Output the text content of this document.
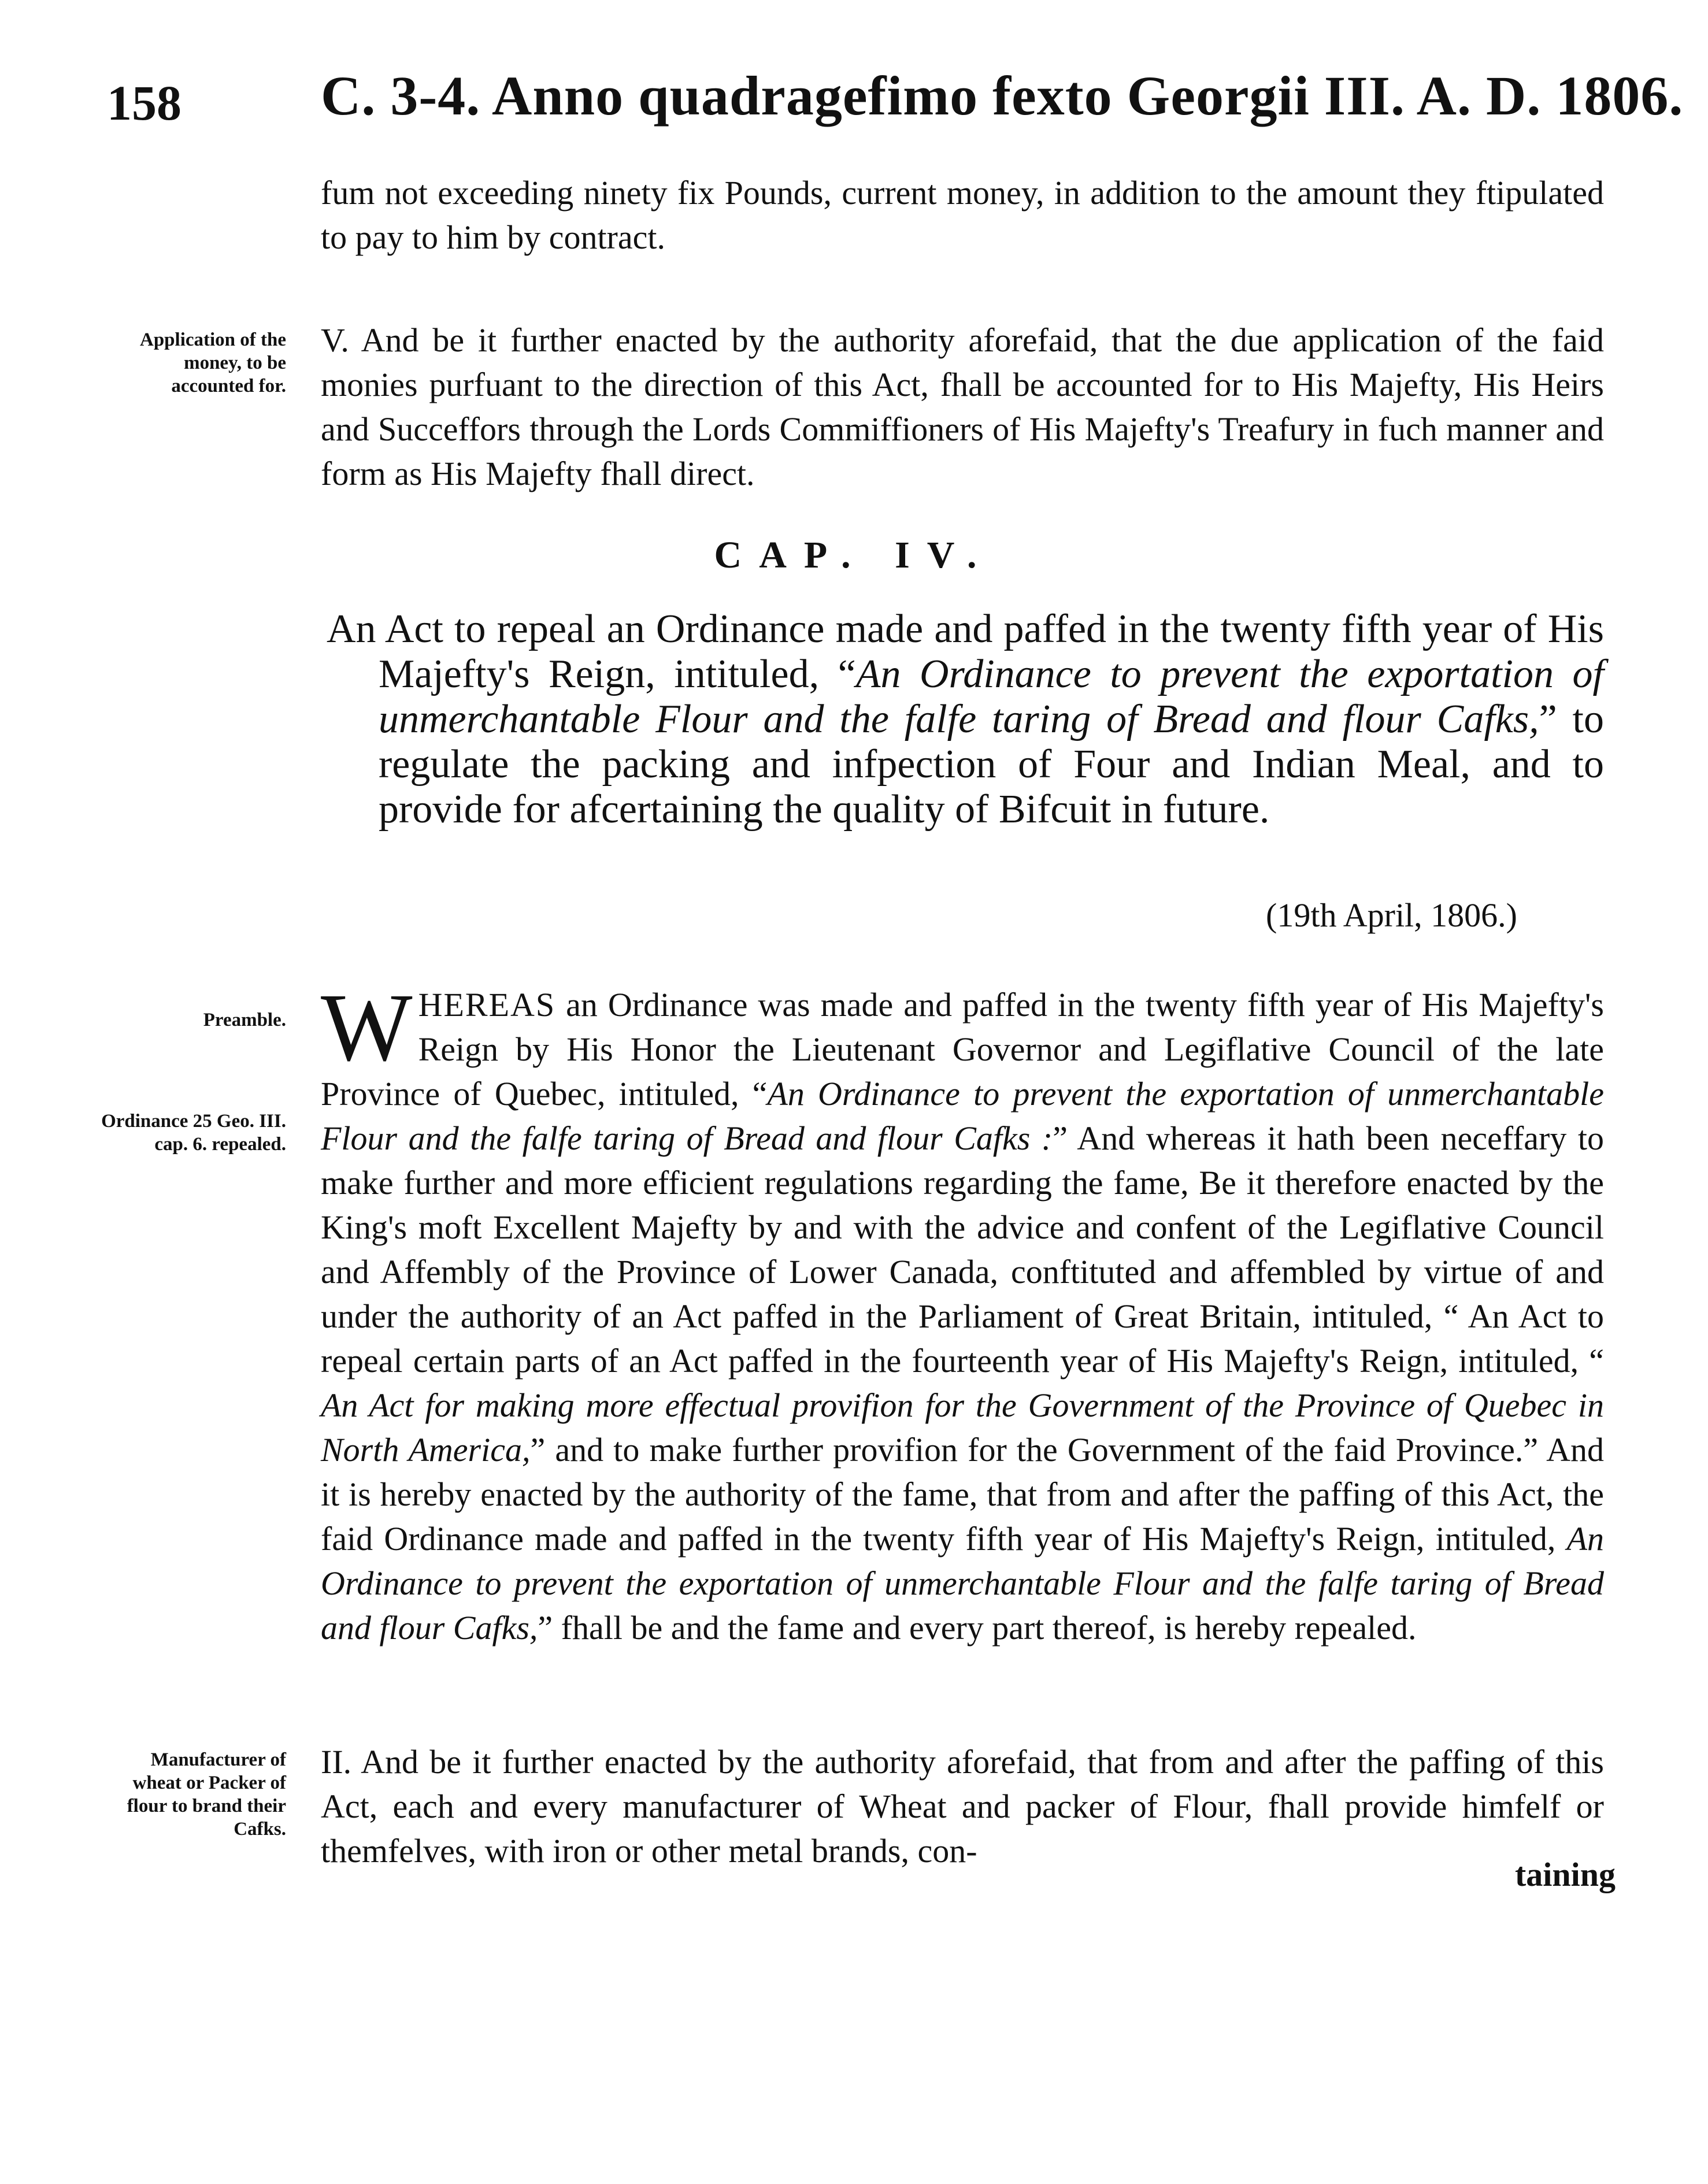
158	C. 3-4. Anno quadragefimo fexto Georgii III. A. D. 1806.

fum not exceeding ninety fix Pounds, current money, in addition to the amount they ftipulated to pay to him by contract.

Application of the money, to be accounted for.

V. And be it further enacted by the authority aforefaid, that the due application of the faid monies purfuant to the direction of this Act, fhall be accounted for to His Majefty, His Heirs and Succeffors through the Lords Commiffioners of His Majefty's Treafury in fuch manner and form as His Majefty fhall direct.

CAP. IV.
An Act to repeal an Ordinance made and paffed in the twenty fifth year of His Majefty's Reign, intituled, “An Ordinance to prevent the exportation of unmerchantable Flour and the falfe taring of Bread and flour Cafks,” to regulate the packing and infpection of Four and Indian Meal, and to provide for afcertaining the quality of Bifcuit in future.
(19th April, 1806.)
Preamble.
Ordinance 25 Geo. III. cap. 6. repealed.

WHEREAS an Ordinance was made and paffed in the twenty fifth year of His Majefty's Reign by His Honor the Lieutenant Governor and Legiflative Council of the late Province of Quebec, intituled, “An Ordinance to prevent the exportation of unmerchantable Flour and the falfe taring of Bread and flour Cafks :” And whereas it hath been neceffary to make further and more efficient regulations regarding the fame, Be it therefore enacted by the King's moft Excellent Majefty by and with the advice and confent of the Legiflative Council and Affembly of the Province of Lower Canada, conftituted and affembled by virtue of and under the authority of an Act paffed in the Parliament of Great Britain, intituled, “ An Act to repeal certain parts of an Act paffed in the fourteenth year of His Majefty's Reign, intituled, “ An Act for making more effectual provifion for the Government of the Province of Quebec in North America,” and to make further provifion for the Government of the faid Province.” And it is hereby enacted by the authority of the fame, that from and after the paffing of this Act, the faid Ordinance made and paffed in the twenty fifth year of His Majefty's Reign, intituled, An Ordinance to prevent the exportation of unmerchantable Flour and the falfe taring of Bread and flour Cafks,” fhall be and the fame and every part thereof, is hereby repealed.

Manufacturer of wheat or Packer of flour to brand their Cafks.

II. And be it further enacted by the authority aforefaid, that from and after the paffing of this Act, each and every manufacturer of Wheat and packer of Flour, fhall provide himfelf or themfelves, with iron or other metal brands, con-

taining
